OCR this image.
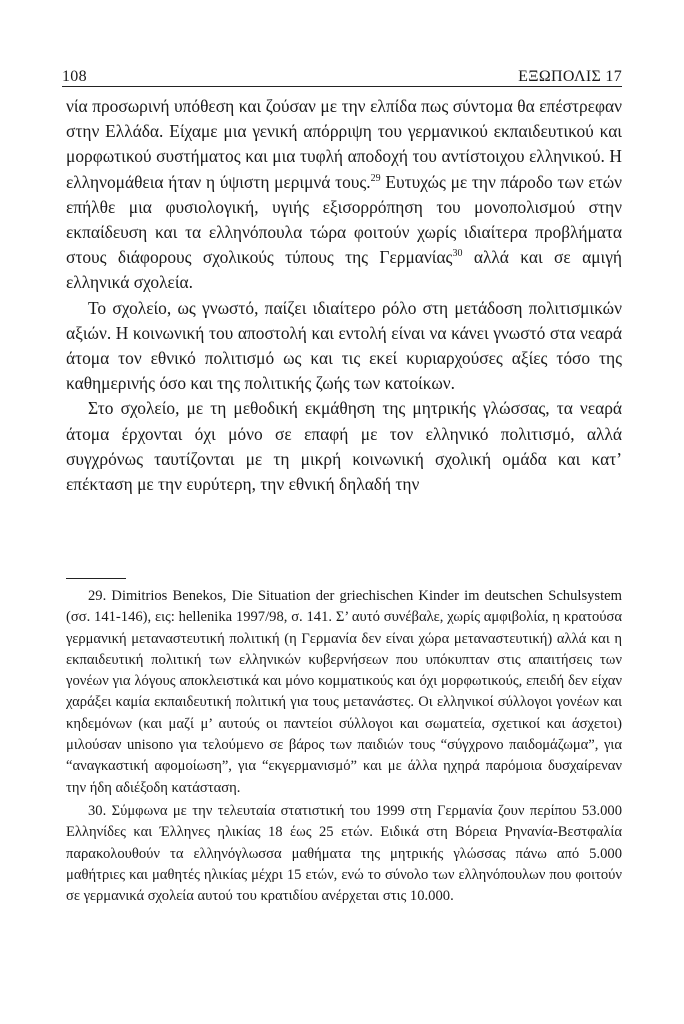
108	ΕΞΩΠΟΛΙΣ 17

νία προσωρινή υπόθεση και ζούσαν με την ελπίδα πως σύντομα θα επέστρεφαν στην Ελλάδα. Είχαμε μια γενική απόρριψη του γερμανικού εκπαιδευτικού και μορφωτικού συστήματος και μια τυφλή αποδοχή του αντίστοιχου ελληνικού. Η ελληνομάθεια ήταν η ύψιστη μεριμνά τους.$^{29}$ Ευτυχώς με την πάροδο των ετών επήλθε μια φυσιολογική, υγιής εξισορρόπηση του μονοπολισμού στην εκπαίδευση και τα ελληνόπουλα τώρα φοιτούν χωρίς ιδιαίτερα προβλήματα στους διάφορους σχολικούς τύπους της Γερμανίας$^{30}$ αλλά και σε αμιγή ελληνικά σχολεία.

Το σχολείο, ως γνωστό, παίζει ιδιαίτερο ρόλο στη μετάδοση πολιτισμικών αξιών. Η κοινωνική του αποστολή και εντολή είναι να κάνει γνωστό στα νεαρά άτομα τον εθνικό πολιτισμό ως και τις εκεί κυριαρχούσες αξίες τόσο της καθημερινής όσο και της πολιτικής ζωής των κατοίκων.

Στο σχολείο, με τη μεθοδική εκμάθηση της μητρικής γλώσσας, τα νεαρά άτομα έρχονται όχι μόνο σε επαφή με τον ελληνικό πολιτισμό, αλλά συγχρόνως ταυτίζονται με τη μικρή κοινωνική σχολική ομάδα και κατ’ επέκταση με την ευρύτερη, την εθνική δηλαδή την

29. Dimitrios Benekos, Die Situation der griechischen Kinder im deutschen Schulsystem (σσ. 141-146), εις: hellenika 1997/98, σ. 141. Σ’ αυτό συνέβαλε, χωρίς αμφιβολία, η κρατούσα γερμανική μεταναστευτική πολιτική (η Γερμανία δεν είναι χώρα μεταναστευτική) αλλά και η εκπαιδευτική πολιτική των ελληνικών κυβερνήσεων που υπόκυπταν στις απαιτήσεις των γονέων για λόγους αποκλειστικά και μόνο κομματικούς και όχι μορφωτικούς, επειδή δεν είχαν χαράξει καμία εκπαιδευτική πολιτική για τους μετανάστες. Οι ελληνικοί σύλλογοι γονέων και κηδεμόνων (και μαζί μ’ αυτούς οι παντείοι σύλλογοι και σωματεία, σχετικοί και άσχετοι) μιλούσαν unisono για τελούμενο σε βάρος των παιδιών τους “σύγχρονο παιδομάζωμα”, για “αναγκαστική αφομοίωση”, για “εκγερμανισμό” και με άλλα ηχηρά παρόμοια δυσχαίρεναν την ήδη αδιέξοδη κατάσταση.

30. Σύμφωνα με την τελευταία στατιστική του 1999 στη Γερμανία ζουν περίπου 53.000 Ελληνίδες και Έλληνες ηλικίας 18 έως 25 ετών. Ειδικά στη Βόρεια Ρηνανία-Βεστφαλία παρακολουθούν τα ελληνόγλωσσα μαθήματα της μητρικής γλώσσας πάνω από 5.000 μαθήτριες και μαθητές ηλικίας μέχρι 15 ετών, ενώ το σύνολο των ελληνόπουλων που φοιτούν σε γερμανικά σχολεία αυτού του κρατιδίου ανέρχεται στις 10.000.
